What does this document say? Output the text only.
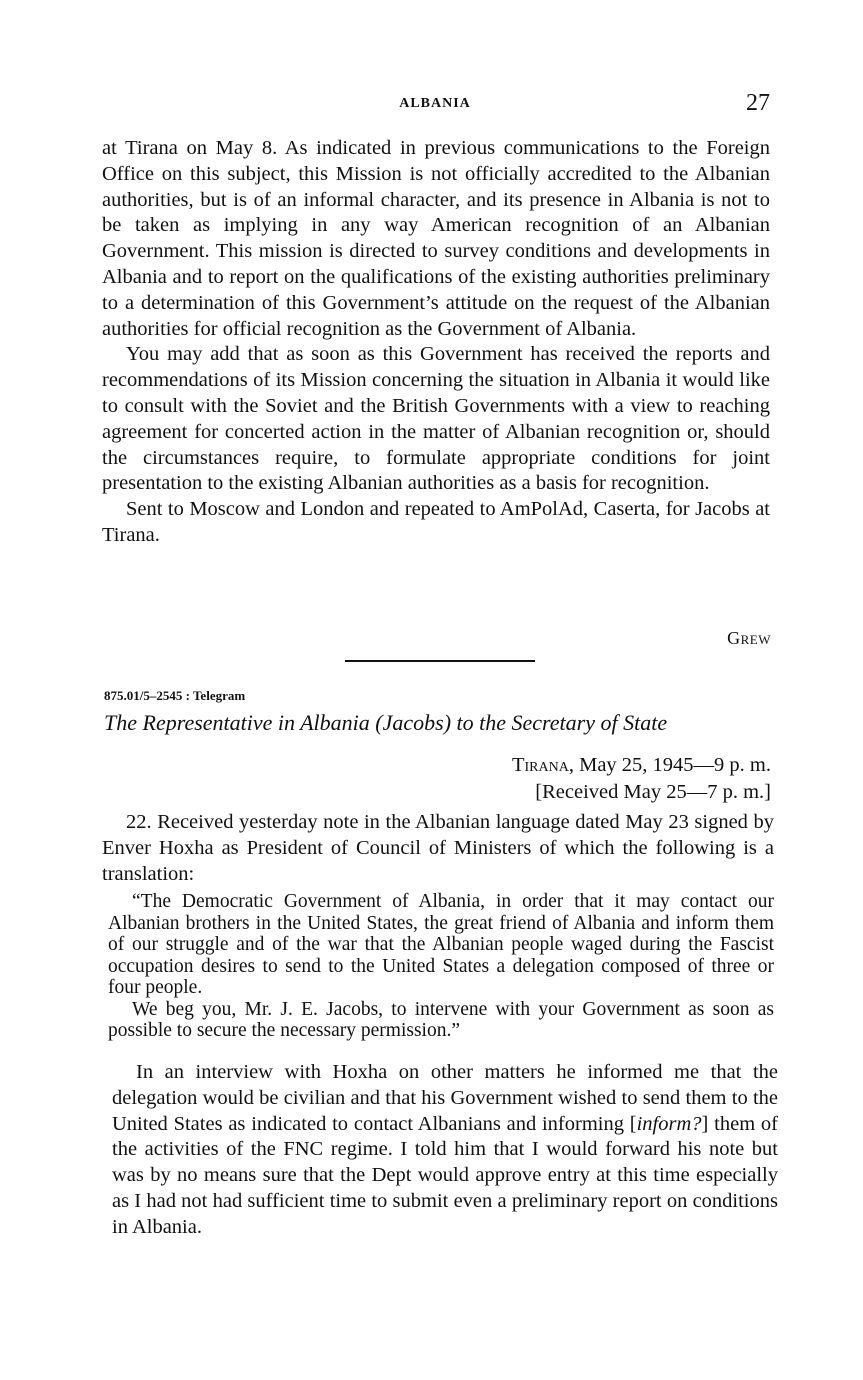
ALBANIA	27

at Tirana on May 8. As indicated in previous communications to the Foreign Office on this subject, this Mission is not officially accredited to the Albanian authorities, but is of an informal character, and its presence in Albania is not to be taken as implying in any way American recognition of an Albanian Government. This mission is directed to survey conditions and developments in Albania and to report on the qualifications of the existing authorities preliminary to a determination of this Government’s attitude on the request of the Albanian authorities for official recognition as the Government of Albania.

You may add that as soon as this Government has received the reports and recommendations of its Mission concerning the situation in Albania it would like to consult with the Soviet and the British Governments with a view to reaching agreement for concerted action in the matter of Albanian recognition or, should the circumstances require, to formulate appropriate conditions for joint presentation to the existing Albanian authorities as a basis for recognition.

Sent to Moscow and London and repeated to AmPolAd, Caserta, for Jacobs at Tirana.

Grew
875.01/5–2545 : Telegram
The Representative in Albania (Jacobs) to the Secretary of State
Tirana, May 25, 1945—9 p. m.
[Received May 25—7 p. m.]

22. Received yesterday note in the Albanian language dated May 23 signed by Enver Hoxha as President of Council of Ministers of which the following is a translation:

“The Democratic Government of Albania, in order that it may contact our Albanian brothers in the United States, the great friend of Albania and inform them of our struggle and of the war that the Albanian people waged during the Fascist occupation desires to send to the United States a delegation composed of three or four people.

We beg you, Mr. J. E. Jacobs, to intervene with your Government as soon as possible to secure the necessary permission.”

In an interview with Hoxha on other matters he informed me that the delegation would be civilian and that his Government wished to send them to the United States as indicated to contact Albanians and informing [inform?] them of the activities of the FNC regime. I told him that I would forward his note but was by no means sure that the Dept would approve entry at this time especially as I had not had sufficient time to submit even a preliminary report on conditions in Albania.
